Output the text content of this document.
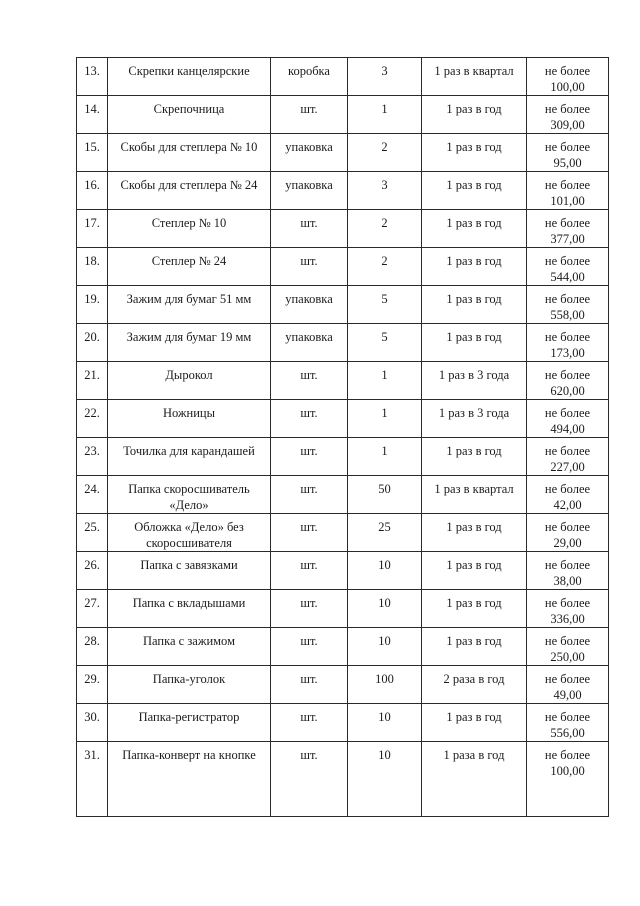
13.	Скрепки канцелярские	коробка	3	1 раз в квартал	не более
100,00

14.	Скрепочница	шт.	1	1 раз в год	не более
309,00

15.	Скобы для степлера № 10	упаковка	2	1 раз в год	не более
95,00

16.	Скобы для степлера № 24	упаковка	3	1 раз в год	не более
101,00

17.	Степлер № 10	шт.	2	1 раз в год	не более
377,00

18.	Степлер № 24	шт.	2	1 раз в год	не более
544,00

19.	Зажим для бумаг 51 мм	упаковка	5	1 раз в год	не более
558,00

20.	Зажим для бумаг 19 мм	упаковка	5	1 раз в год	не более
173,00

21.	Дырокол	шт.	1	1 раз в 3 года	не более
620,00

22.	Ножницы	шт.	1	1 раз в 3 года	не более
494,00

23.	Точилка для карандашей	шт.	1	1 раз в год	не более
227,00

24.	Папка скоросшиватель «Дело»	шт.	50	1 раз в квартал	не более
42,00

25.	Обложка «Дело» без скоросшивателя	шт.	25	1 раз в год	не более
29,00

26.	Папка с завязками	шт.	10	1 раз в год	не более
38,00

27.	Папка с вкладышами	шт.	10	1 раз в год	не более
336,00

28.	Папка с зажимом	шт.	10	1 раз в год	не более
250,00

29.	Папка-уголок	шт.	100	2 раза в год	не более
49,00

30.	Папка-регистратор	шт.	10	1 раз в год	не более
556,00

31.	Папка-конверт на кнопке	шт.	10	1 раза в год	не более
100,00
